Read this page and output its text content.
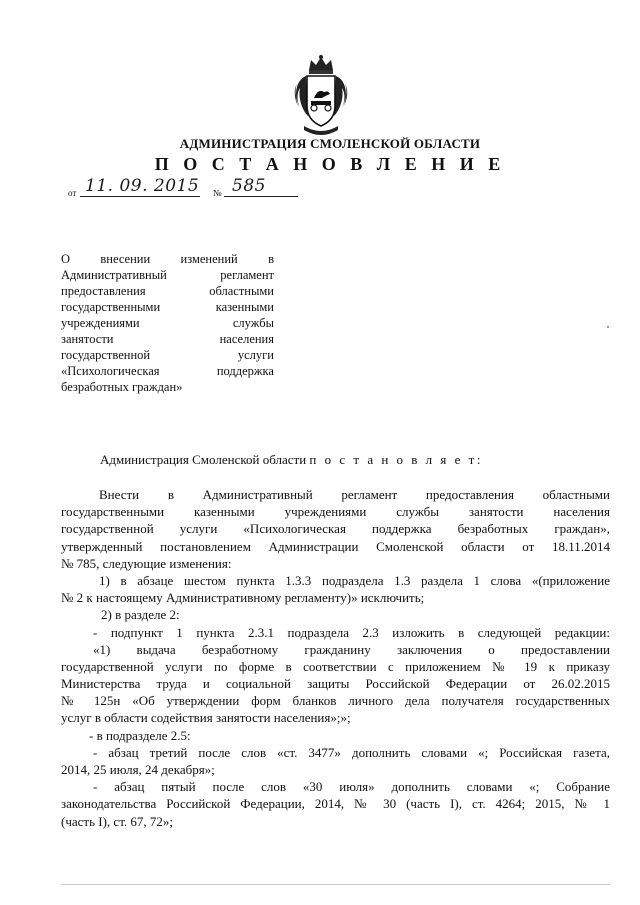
АДМИНИСТРАЦИЯ СМОЛЕНСКОЙ ОБЛАСТИ
П О С Т А Н О В Л Е Н И Е
от 11. 09. 2015 № 585
О внесении изменений в
Административный регламент
предоставления областными
государственными казенными
учреждениями службы
занятости населения
государственной услуги
«Психологическая поддержка
безработных граждан»
Администрация Смоленской области п о с т а н о в л я е т:
Внести в Административный регламент предоставления областными
государственными казенными учреждениями службы занятости населения
государственной услуги «Психологическая поддержка безработных граждан»,
утвержденный постановлением Администрации Смоленской области от 18.11.2014
№ 785, следующие изменения:
1) в абзаце шестом пункта 1.3.3 подраздела 1.3 раздела 1 слова «(приложение
№ 2 к настоящему Административному регламенту)» исключить;
2) в разделе 2:
- подпункт 1 пункта 2.3.1 подраздела 2.3 изложить в следующей редакции:
«1) выдача безработному гражданину заключения о предоставлении
государственной услуги по форме в соответствии с приложением № 19 к приказу
Министерства труда и социальной защиты Российской Федерации от 26.02.2015
№ 125н «Об утверждении форм бланков личного дела получателя государственных
услуг в области содействия занятости населения»;»;
- в подразделе 2.5:
- абзац третий после слов «ст. 3477» дополнить словами «; Российская газета,
2014, 25 июля, 24 декабря»;
- абзац пятый после слов «30 июля» дополнить словами «; Собрание
законодательства Российской Федерации, 2014, № 30 (часть I), ст. 4264; 2015, № 1
(часть I), ст. 67, 72»;
